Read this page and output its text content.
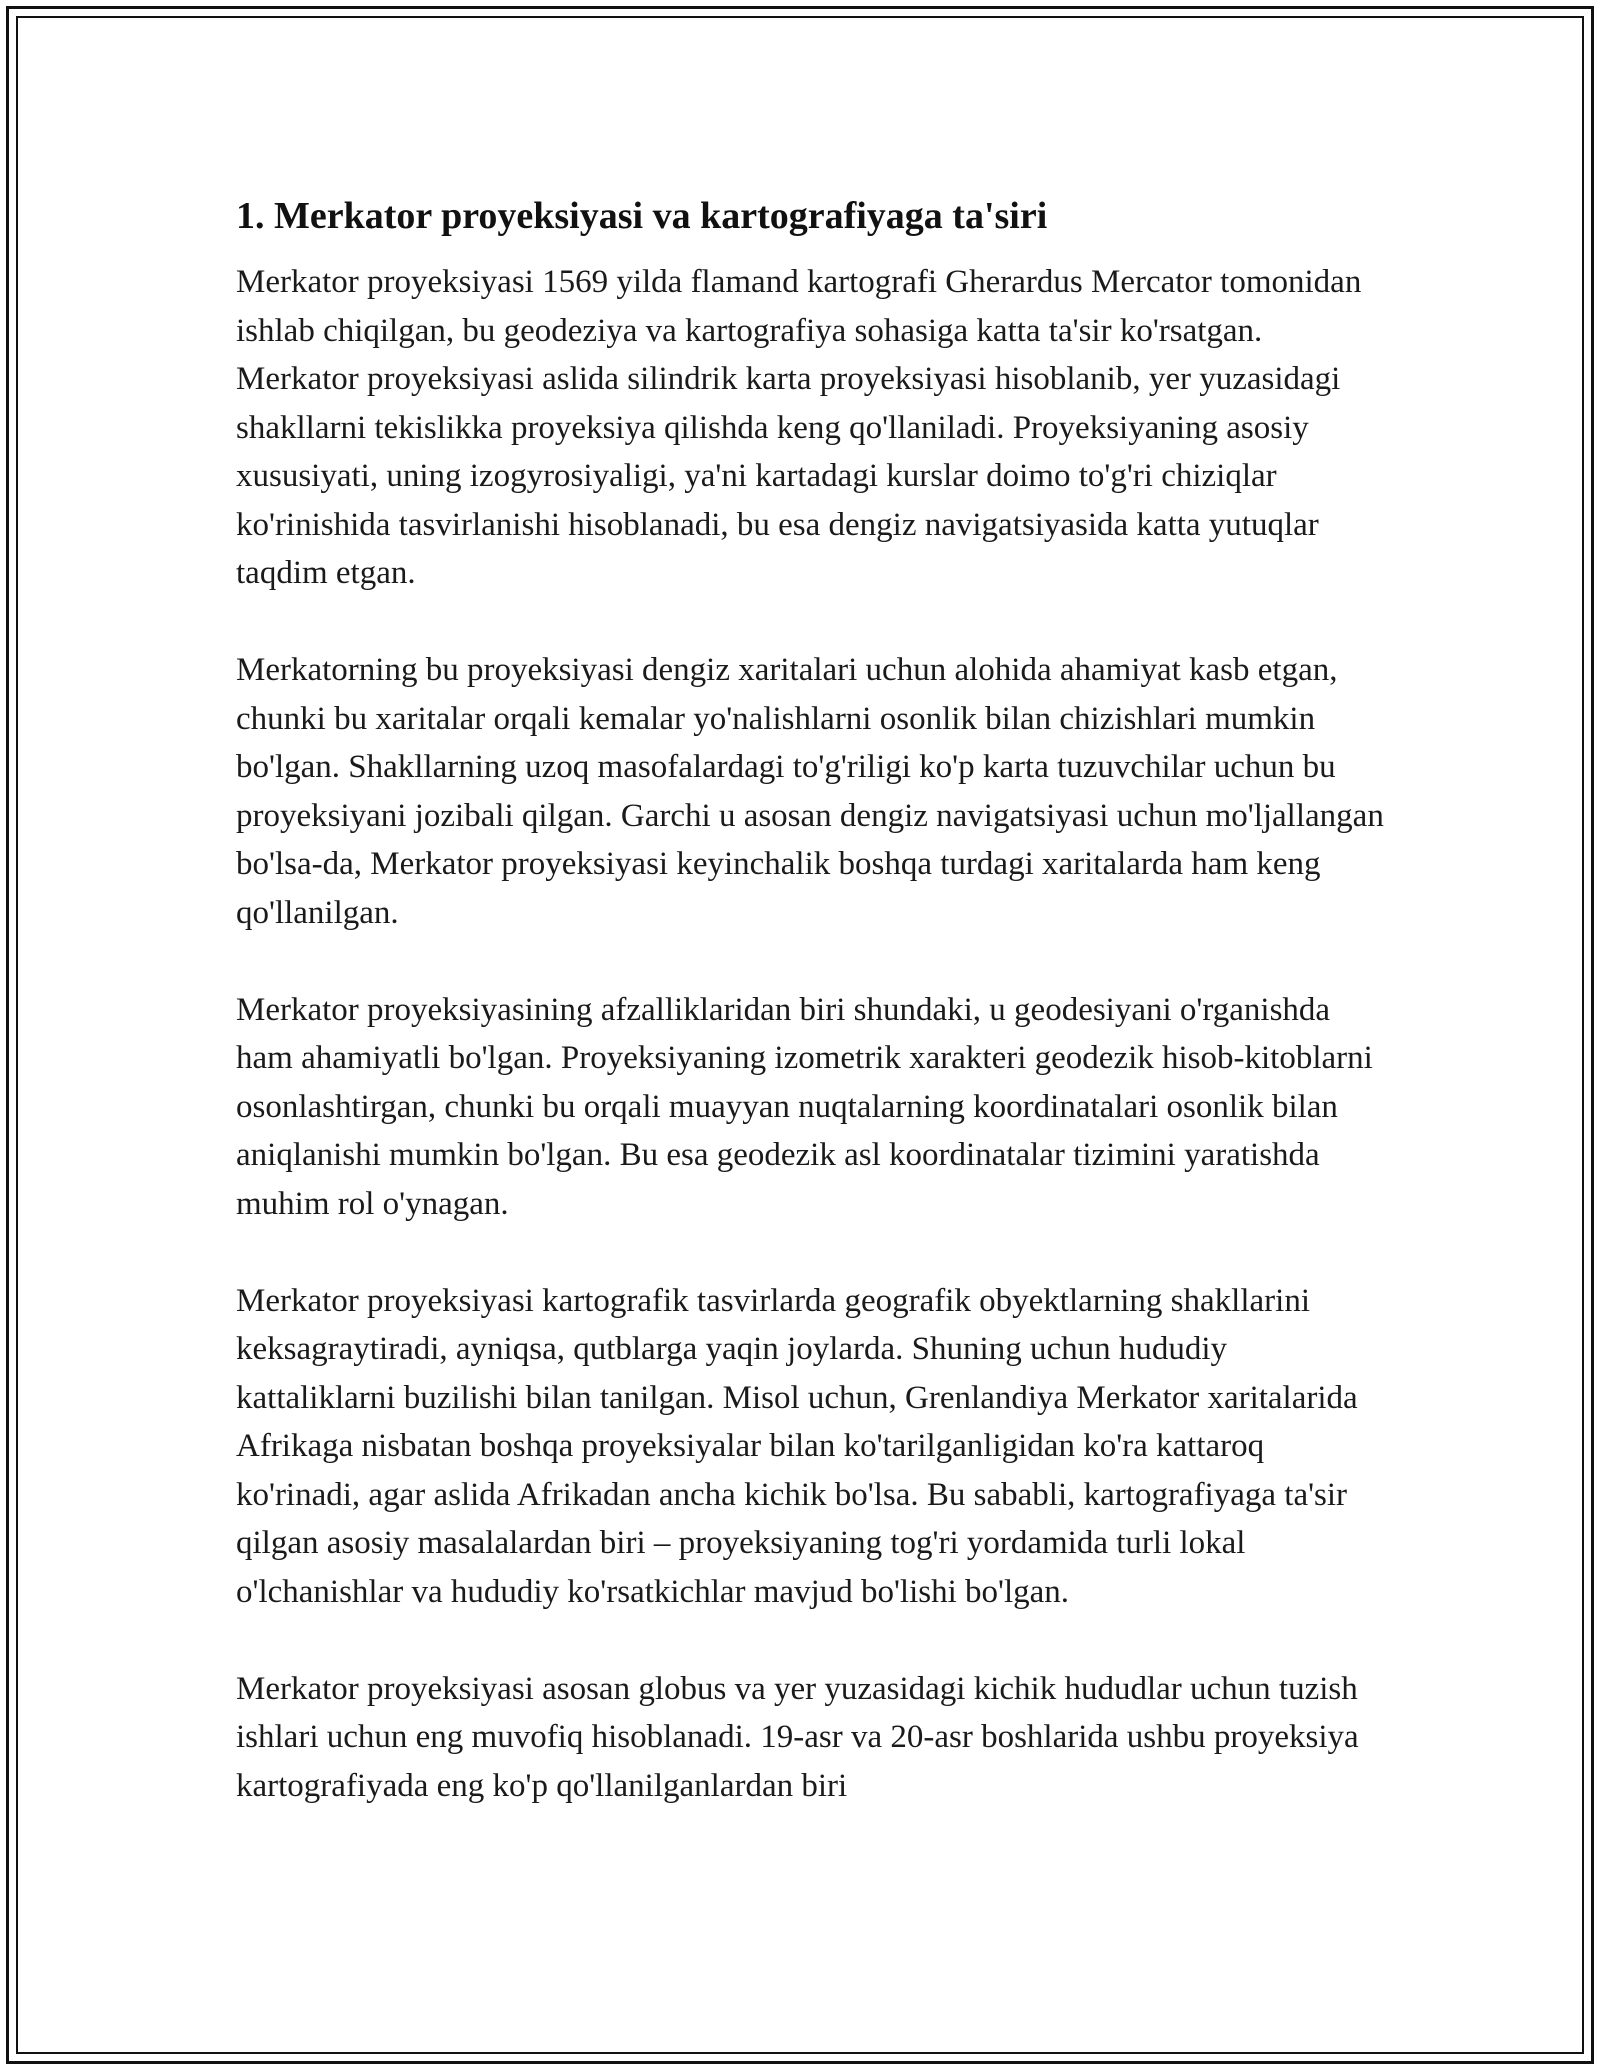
1. Merkator proyeksiyasi va kartografiyaga ta'siri

Merkator proyeksiyasi 1569 yilda flamand kartografi Gherardus Mercator tomonidan ishlab chiqilgan, bu geodeziya va kartografiya sohasiga katta ta'sir ko'rsatgan. Merkator proyeksiyasi aslida silindrik karta proyeksiyasi hisoblanib, yer yuzasidagi shakllarni tekislikka proyeksiya qilishda keng qo'llaniladi. Proyeksiyaning asosiy xususiyati, uning izogyrosiyaligi, ya'ni kartadagi kurslar doimo to'g'ri chiziqlar ko'rinishida tasvirlanishi hisoblanadi, bu esa dengiz navigatsiyasida katta yutuqlar taqdim etgan.

Merkatorning bu proyeksiyasi dengiz xaritalari uchun alohida ahamiyat kasb etgan, chunki bu xaritalar orqali kemalar yo'nalishlarni osonlik bilan chizishlari mumkin bo'lgan. Shakllarning uzoq masofalardagi to'g'riligi ko'p karta tuzuvchilar uchun bu proyeksiyani jozibali qilgan. Garchi u asosan dengiz navigatsiyasi uchun mo'ljallangan bo'lsa-da, Merkator proyeksiyasi keyinchalik boshqa turdagi xaritalarda ham keng qo'llanilgan.

Merkator proyeksiyasining afzalliklaridan biri shundaki, u geodesiyani o'rganishda ham ahamiyatli bo'lgan. Proyeksiyaning izometrik xarakteri geodezik hisob-kitoblarni osonlashtirgan, chunki bu orqali muayyan nuqtalarning koordinatalari osonlik bilan aniqlanishi mumkin bo'lgan. Bu esa geodezik asl koordinatalar tizimini yaratishda muhim rol o'ynagan.

Merkator proyeksiyasi kartografik tasvirlarda geografik obyektlarning shakllarini keksagraytiradi, ayniqsa, qutblarga yaqin joylarda. Shuning uchun hududiy kattaliklarni buzilishi bilan tanilgan. Misol uchun, Grenlandiya Merkator xaritalarida Afrikaga nisbatan boshqa proyeksiyalar bilan ko'tarilganligidan ko'ra kattaroq ko'rinadi, agar aslida Afrikadan ancha kichik bo'lsa. Bu sababli, kartografiyaga ta'sir qilgan asosiy masalalardan biri – proyeksiyaning tog'ri yordamida turli lokal o'lchanishlar va hududiy ko'rsatkichlar mavjud bo'lishi bo'lgan.

Merkator proyeksiyasi asosan globus va yer yuzasidagi kichik hududlar uchun tuzish ishlari uchun eng muvofiq hisoblanadi. 19-asr va 20-asr boshlarida ushbu proyeksiya kartografiyada eng ko'p qo'llanilganlardan biri
